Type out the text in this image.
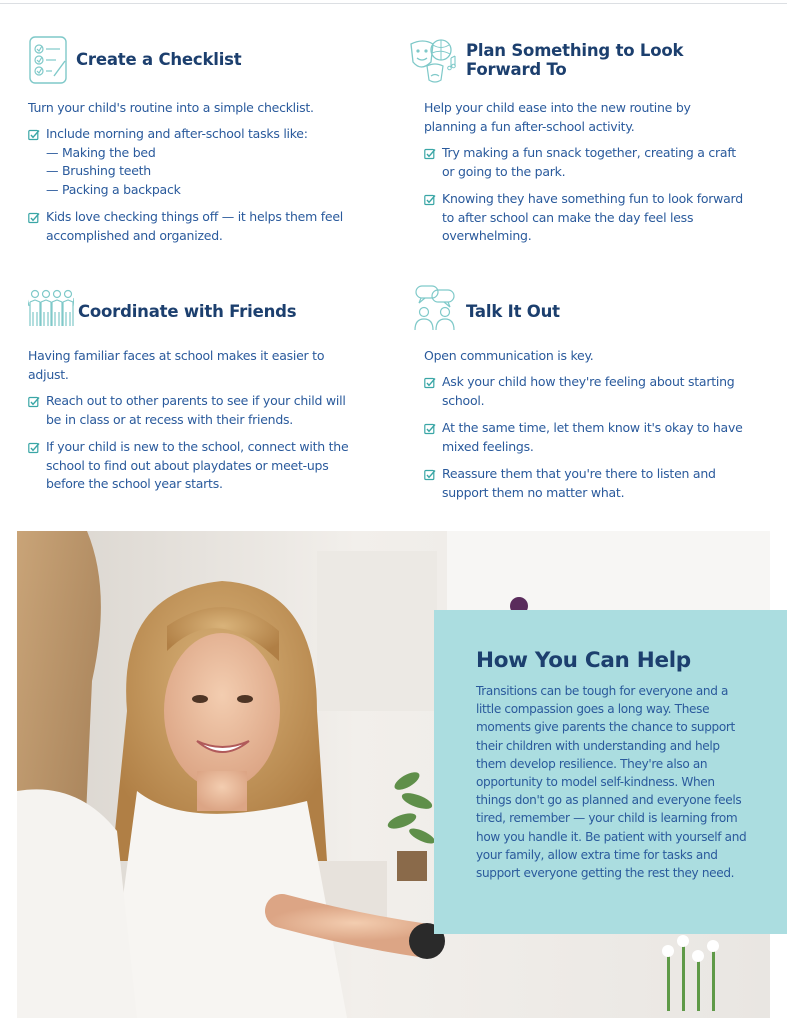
Create a Checklist
Turn your child's routine into a simple checklist.
Include morning and after-school tasks like:
— Making the bed
— Brushing teeth
— Packing a backpack
Kids love checking things off — it helps them feel accomplished and organized.
Plan Something to Look Forward To
Help your child ease into the new routine by planning a fun after-school activity.
Try making a fun snack together, creating a craft or going to the park.
Knowing they have something fun to look forward to after school can make the day feel less overwhelming.
Coordinate with Friends
Having familiar faces at school makes it easier to adjust.
Reach out to other parents to see if your child will be in class or at recess with their friends.
If your child is new to the school, connect with the school to find out about playdates or meet-ups before the school year starts.
Talk It Out
Open communication is key.
Ask your child how they're feeling about starting school.
At the same time, let them know it's okay to have mixed feelings.
Reassure them that you're there to listen and support them no matter what.
How You Can Help
Transitions can be tough for everyone and a little compassion goes a long way. These moments give parents the chance to support their children with understanding and help them develop resilience. They're also an opportunity to model self-kindness. When things don't go as planned and everyone feels tired, remember — your child is learning from how you handle it. Be patient with yourself and your family, allow extra time for tasks and support everyone getting the rest they need.
